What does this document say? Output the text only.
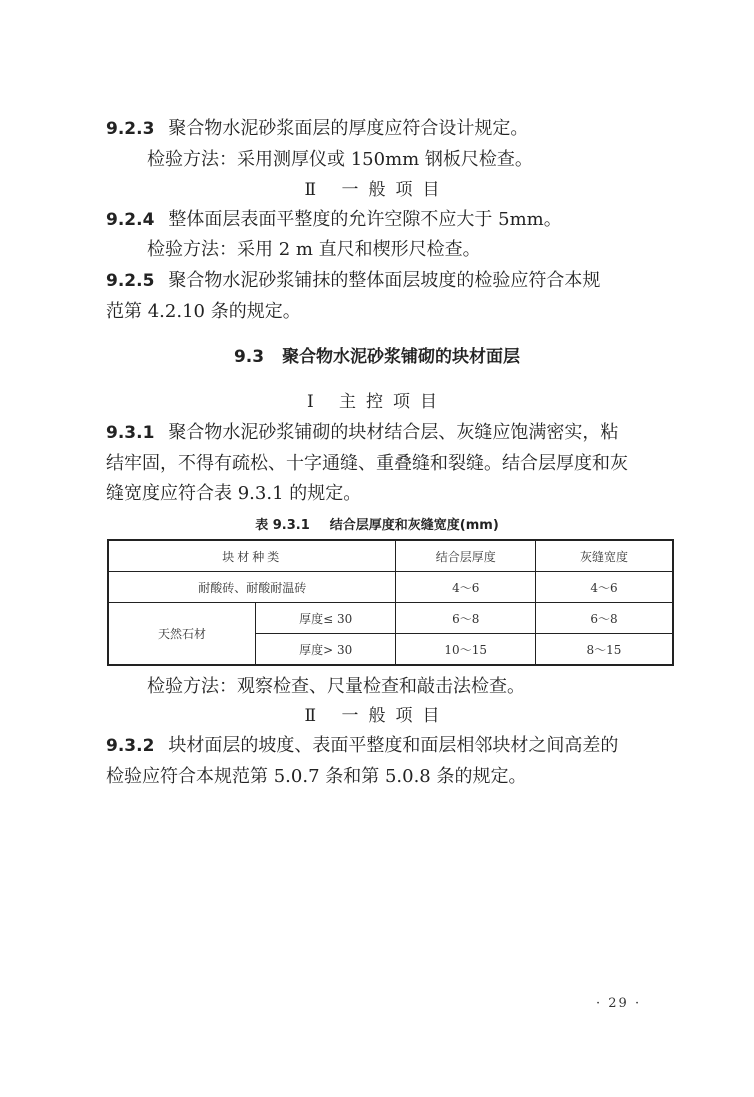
9.2.3 聚合物水泥砂浆面层的厚度应符合设计规定。
检验方法：采用测厚仪或 150mm 钢板尺检查。
Ⅱ 一般项目
9.2.4 整体面层表面平整度的允许空隙不应大于 5mm。
检验方法：采用 2 m 直尺和楔形尺检查。
9.2.5 聚合物水泥砂浆铺抹的整体面层坡度的检验应符合本规
范第 4.2.10 条的规定。
9.3 聚合物水泥砂浆铺砌的块材面层
Ⅰ 主控项目
9.3.1 聚合物水泥砂浆铺砌的块材结合层、灰缝应饱满密实，粘
结牢固，不得有疏松、十字通缝、重叠缝和裂缝。结合层厚度和灰
缝宽度应符合表 9.3.1 的规定。
表 9.3.1 结合层厚度和灰缝宽度(mm)
块材种类		结合层厚度	灰缝宽度
耐酸砖、耐酸耐温砖		4～6	4～6
天然石材	厚度≤ 30	6～8	6～8
	厚度> 30	10～15	8～15
检验方法：观察检查、尺量检查和敲击法检查。
Ⅱ 一般项目
9.3.2 块材面层的坡度、表面平整度和面层相邻块材之间高差的
检验应符合本规范第 5.0.7 条和第 5.0.8 条的规定。
· 29 ·
